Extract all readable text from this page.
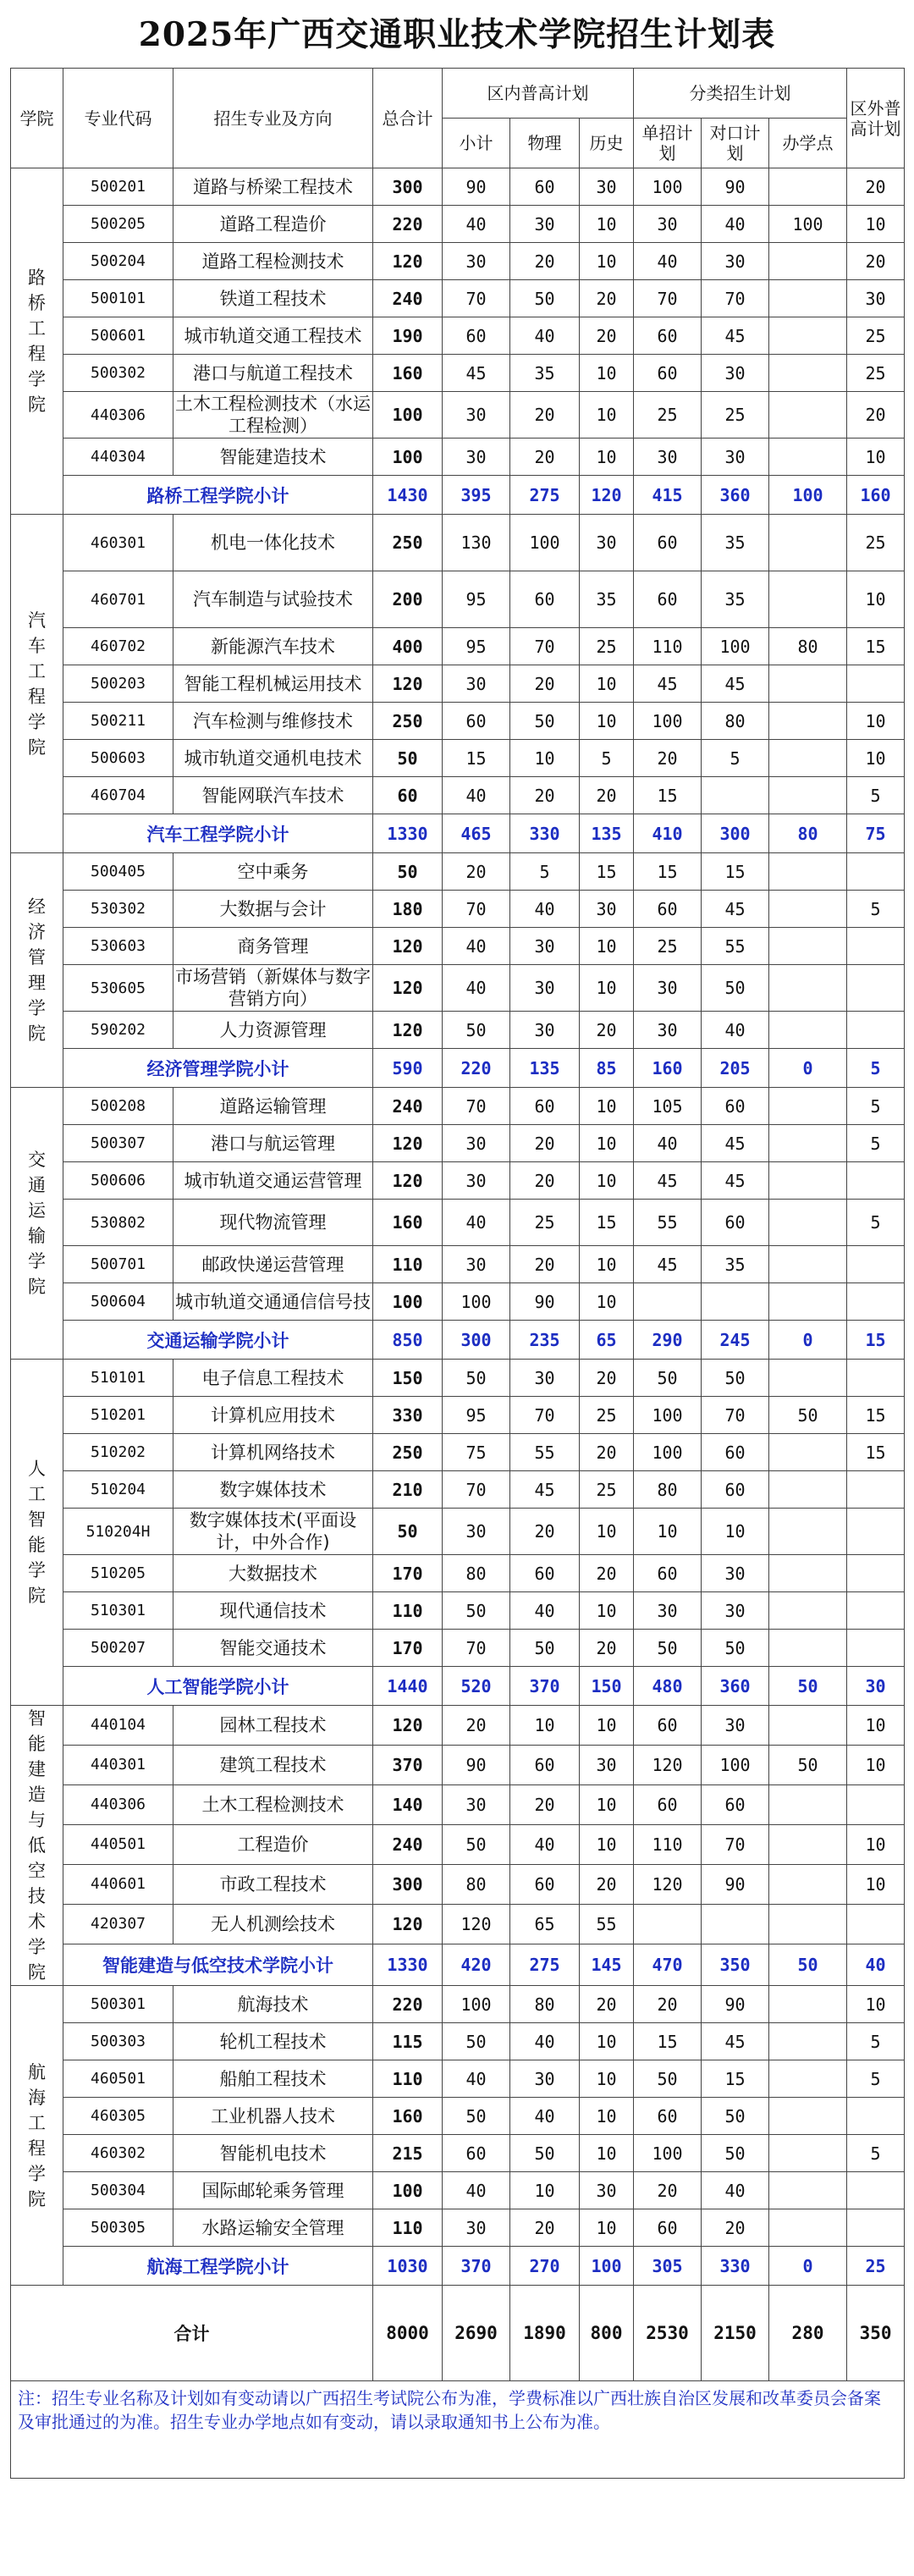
2025年广西交通职业技术学院招生计划表
学院	专业代码	招生专业及方向	总合计	区内普高计划			分类招生计划			区外普高计划
				小计	物理	历史	单招计划	对口计划	办学点	

路桥工程学院	500201	道路与桥梁工程技术	300	90	60	30	100	90		20
	500205	道路工程造价	220	40	30	10	30	40	100	10
	500204	道路工程检测技术	120	30	20	10	40	30		20
	500101	铁道工程技术	240	70	50	20	70	70		30
	500601	城市轨道交通工程技术	190	60	40	20	60	45		25
	500302	港口与航道工程技术	160	45	35	10	60	30		25
	440306	土木工程检测技术（水运工程检测）	100	30	20	10	25	25		20
	440304	智能建造技术	100	30	20	10	30	30		10
	路桥工程学院小计		1430	395	275	120	415	360	100	160

汽车工程学院	460301	机电一体化技术	250	130	100	30	60	35		25
	460701	汽车制造与试验技术	200	95	60	35	60	35		10
	460702	新能源汽车技术	400	95	70	25	110	100	80	15
	500203	智能工程机械运用技术	120	30	20	10	45	45		
	500211	汽车检测与维修技术	250	60	50	10	100	80		10
	500603	城市轨道交通机电技术	50	15	10	5	20	5		10
	460704	智能网联汽车技术	60	40	20	20	15			5
	汽车工程学院小计		1330	465	330	135	410	300	80	75

经济管理学院	500405	空中乘务	50	20	5	15	15	15		
	530302	大数据与会计	180	70	40	30	60	45		5
	530603	商务管理	120	40	30	10	25	55		
	530605	市场营销（新媒体与数字营销方向）	120	40	30	10	30	50		
	590202	人力资源管理	120	50	30	20	30	40		
	经济管理学院小计		590	220	135	85	160	205	0	5

交通运输学院	500208	道路运输管理	240	70	60	10	105	60		5
	500307	港口与航运管理	120	30	20	10	40	45		5
	500606	城市轨道交通运营管理	120	30	20	10	45	45		
	530802	现代物流管理	160	40	25	15	55	60		5
	500701	邮政快递运营管理	110	30	20	10	45	35		
	500604	城市轨道交通通信信号技	100	100	90	10				
	交通运输学院小计		850	300	235	65	290	245	0	15

人工智能学院	510101	电子信息工程技术	150	50	30	20	50	50		
	510201	计算机应用技术	330	95	70	25	100	70	50	15
	510202	计算机网络技术	250	75	55	20	100	60		15
	510204	数字媒体技术	210	70	45	25	80	60		
	510204H	数字媒体技术(平面设计，中外合作)	50	30	20	10	10	10		
	510205	大数据技术	170	80	60	20	60	30		
	510301	现代通信技术	110	50	40	10	30	30		
	500207	智能交通技术	170	70	50	20	50	50		
	人工智能学院小计		1440	520	370	150	480	360	50	30

智能建造与低空技术学院	440104	园林工程技术	120	20	10	10	60	30		10
	440301	建筑工程技术	370	90	60	30	120	100	50	10
	440306	土木工程检测技术	140	30	20	10	60	60		
	440501	工程造价	240	50	40	10	110	70		10
	440601	市政工程技术	300	80	60	20	120	90		10
	420307	无人机测绘技术	120	120	65	55				
	智能建造与低空技术学院小计		1330	420	275	145	470	350	50	40

航海工程学院	500301	航海技术	220	100	80	20	20	90		10
	500303	轮机工程技术	115	50	40	10	15	45		5
	460501	船舶工程技术	110	40	30	10	50	15		5
	460305	工业机器人技术	160	50	40	10	60	50		
	460302	智能机电技术	215	60	50	10	100	50		5
	500304	国际邮轮乘务管理	100	40	10	30	20	40		
	500305	水路运输安全管理	110	30	20	10	60	20		
	航海工程学院小计		1030	370	270	100	305	330	0	25
合计			8000	2690	1890	800	2530	2150	280	350
注：招生专业名称及计划如有变动请以广西招生考试院公布为准，学费标准以广西壮族自治区发展和改革委员会备案及审批通过的为准。招生专业办学地点如有变动，请以录取通知书上公布为准。										
